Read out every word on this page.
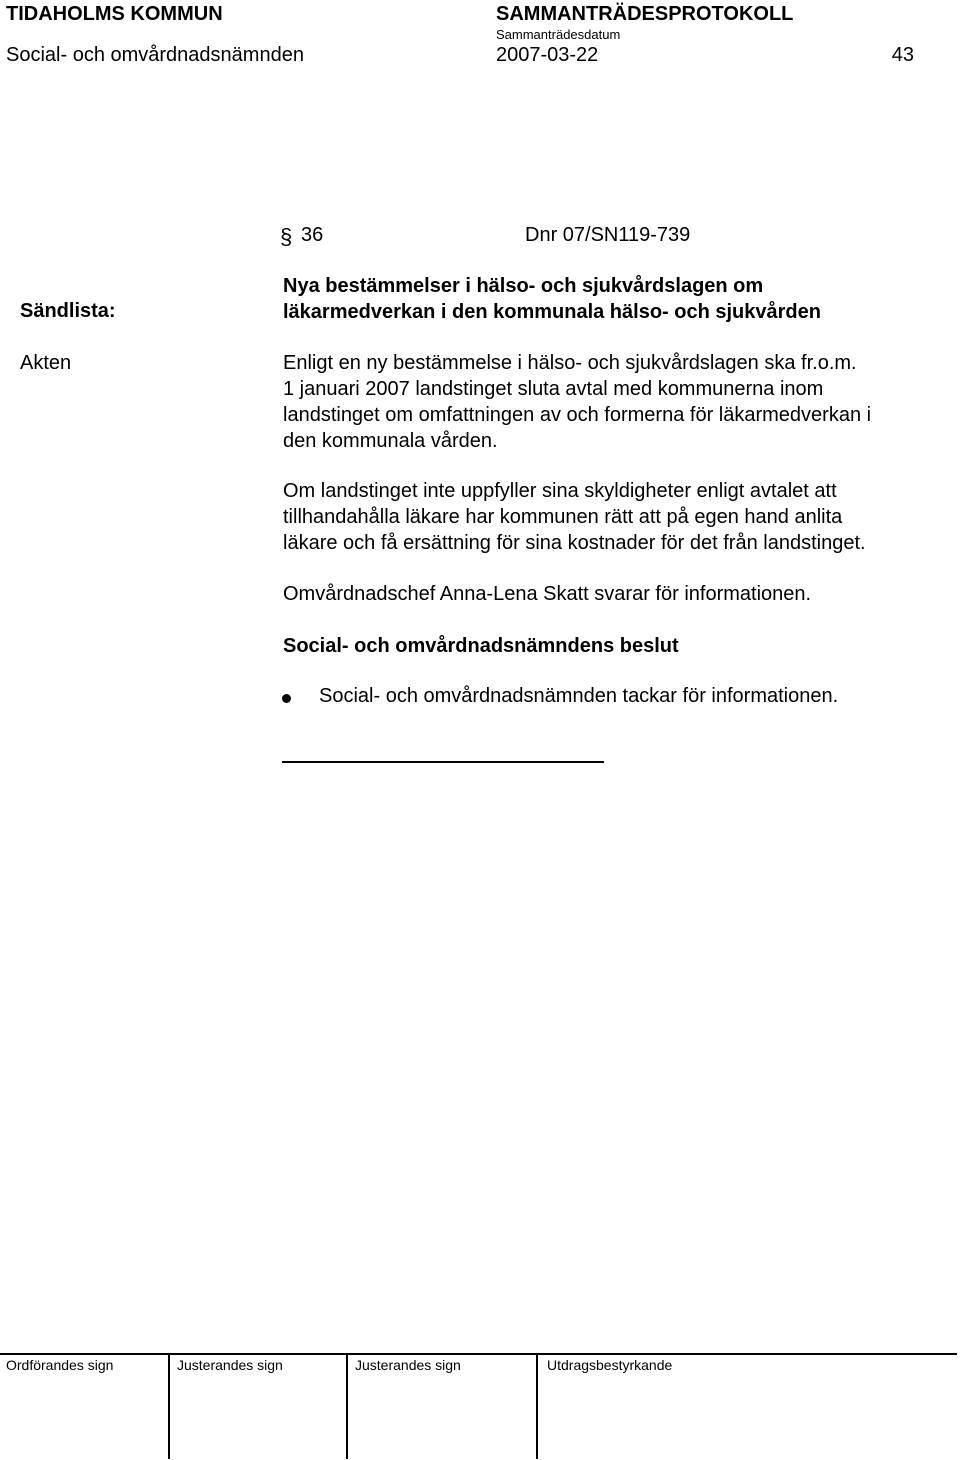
TIDAHOLMS KOMMUN	SAMMANTRÄDESPROTOKOLL
Sammanträdesdatum
Social- och omvårdnadsnämnden	2007-03-22	43
Sändlista:
Akten
§ 36	Dnr 07/SN119-739
Nya bestämmelser i hälso- och sjukvårdslagen om
läkarmedverkan i den kommunala hälso- och sjukvården
Enligt en ny bestämmelse i hälso- och sjukvårdslagen ska fr.o.m.
1 januari 2007 landstinget sluta avtal med kommunerna inom
landstinget om omfattningen av och formerna för läkarmedverkan i
den kommunala vården.
Om landstinget inte uppfyller sina skyldigheter enligt avtalet att
tillhandahålla läkare har kommunen rätt att på egen hand anlita
läkare och få ersättning för sina kostnader för det från landstinget.
Omvårdnadschef Anna-Lena Skatt svarar för informationen.
Social- och omvårdnadsnämndens beslut
Social- och omvårdnadsnämnden tackar för informationen.
Ordförandes sign	Justerandes sign	Justerandes sign	Utdragsbestyrkande
